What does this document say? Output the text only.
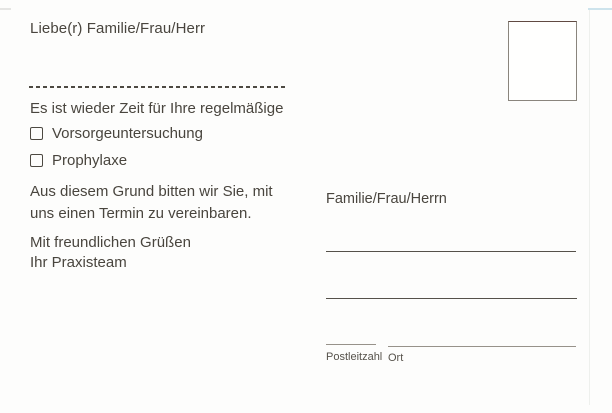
Liebe(r) Familie/Frau/Herr
Es ist wieder Zeit für Ihre regelmäßige
Vorsorgeuntersuchung
Prophylaxe
Aus diesem Grund bitten wir Sie, mit
uns einen Termin zu vereinbaren.
Mit freundlichen Grüßen
Ihr Praxisteam
Familie/Frau/Herrn
Postleitzahl Ort
